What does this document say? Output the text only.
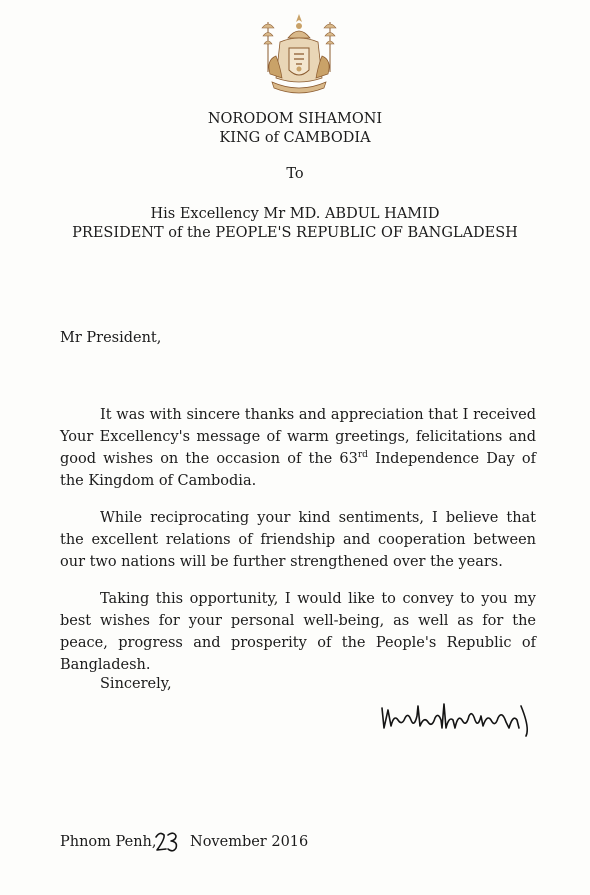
NORODOM SIHAMONI
KING of CAMBODIA
To
His Excellency Mr MD. ABDUL HAMID
PRESIDENT of the PEOPLE'S REPUBLIC OF BANGLADESH
Mr President,
It was with sincere thanks and appreciation that I received Your Excellency's message of warm greetings, felicitations and good wishes on the occasion of the 63rd Independence Day of the Kingdom of Cambodia.
While reciprocating your kind sentiments, I believe that the excellent relations of friendship and cooperation between our two nations will be further strengthened over the years.
Taking this opportunity, I would like to convey to you my best wishes for your personal well-being, as well as for the peace, progress and prosperity of the People's Republic of Bangladesh.
Sincerely,
Phnom Penh, November 2016
